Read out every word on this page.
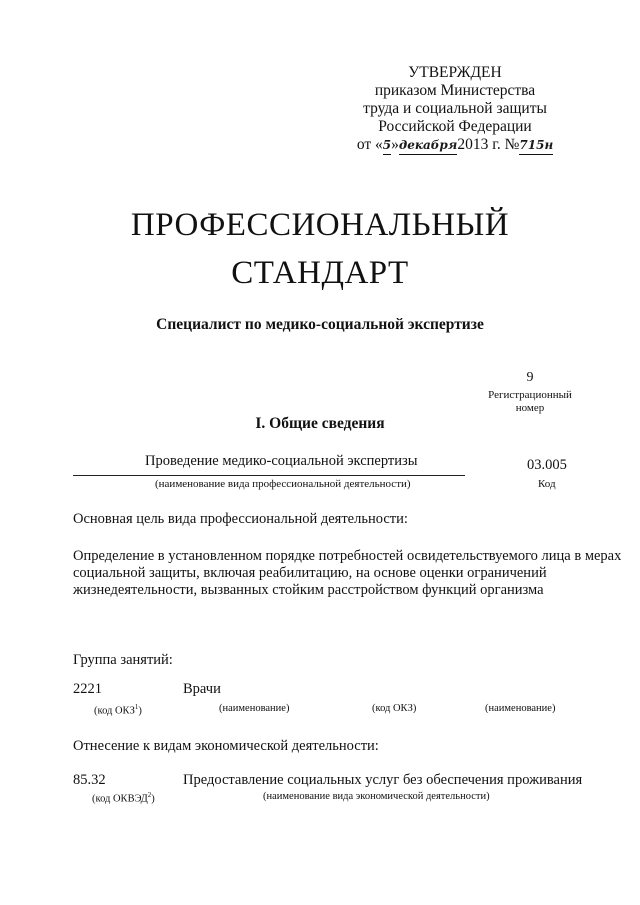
УТВЕРЖДЕН
приказом Министерства
труда и социальной защиты
Российской Федерации
от «5»декабря2013 г. №715н
ПРОФЕССИОНАЛЬНЫЙ
СТАНДАРТ
Специалист по медико-социальной экспертизе
9
Регистрационный номер
I. Общие сведения
Проведение медико-социальной экспертизы
(наименование вида профессиональной деятельности)
03.005
Код
Основная цель вида профессиональной деятельности:
Определение в установленном порядке потребностей освидетельствуемого лица в мерах
социальной защиты, включая реабилитацию, на основе оценки ограничений
жизнедеятельности, вызванных стойким расстройством функций организма
Группа занятий:
2221	Врачи
(код ОКЗ$^1$)	(наименование)	(код ОКЗ)	(наименование)
Отнесение к видам экономической деятельности:
85.32	Предоставление социальных услуг без обеспечения проживания
(код ОКВЭД$^2$)	(наименование вида экономической деятельности)
